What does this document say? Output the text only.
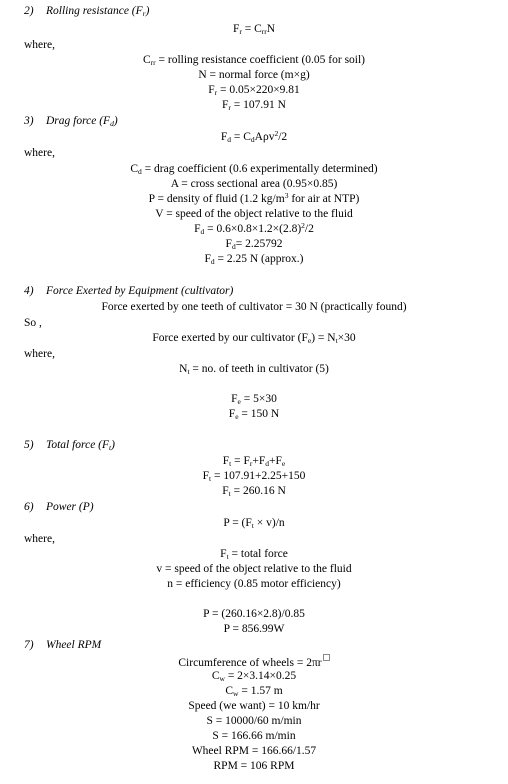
2) Rolling resistance $(F_r)$
$F_r = C_{rr}N$
where,
$C_{rr}$ = rolling resistance coefficient (0.05 for soil)
N = normal force (m×g)
$F_r = 0.05\times 220\times 9.81$
$F_r = 107.91$ N
3) Drag force $(F_d)$
$F_d = C_dA\rho v^2/2$
where,
$C_d$ = drag coefficient (0.6 experimentally determined)
A = cross sectional area (0.95×0.85)
P = density of fluid (1.2 $kg/m^3$ for air at NTP)
V = speed of the object relative to the fluid
$F_d = 0.6\times 0.8\times 1.2\times(2.8)^2/2$
$F_d= 2.25792$
$F_d = 2.25$ N (approx.)
4) Force Exerted by Equipment (cultivator)
Force exerted by one teeth of cultivator = 30 N (practically found)
So ,
Force exerted by our cultivator $(F_e) = N_t\times 30$
where,
$N_t$ = no. of teeth in cultivator (5)
$F_e = 5\times 30$
$F_e = 150$ N
5) Total force $(F_t)$
$F_t = F_r+F_d+F_e$
$F_t = 107.91+2.25+150$
$F_t = 260.16$ N
6) Power (P)
$P = (F_t \times v)/n$
where,
$F_t$ = total force
v = speed of the object relative to the fluid
n = efficiency (0.85 motor efficiency)
P = (260.16×2.8)/0.85
P = 856.99W
7) Wheel RPM
Circumference of wheels = 2πr
$C_w = 2\times 3.14\times 0.25$
$C_w = 1.57$ m
Speed (we want) = 10 km/hr
S = 10000/60 m/min
S = 166.66 m/min
Wheel RPM = 166.66/1.57
RPM = 106 RPM
